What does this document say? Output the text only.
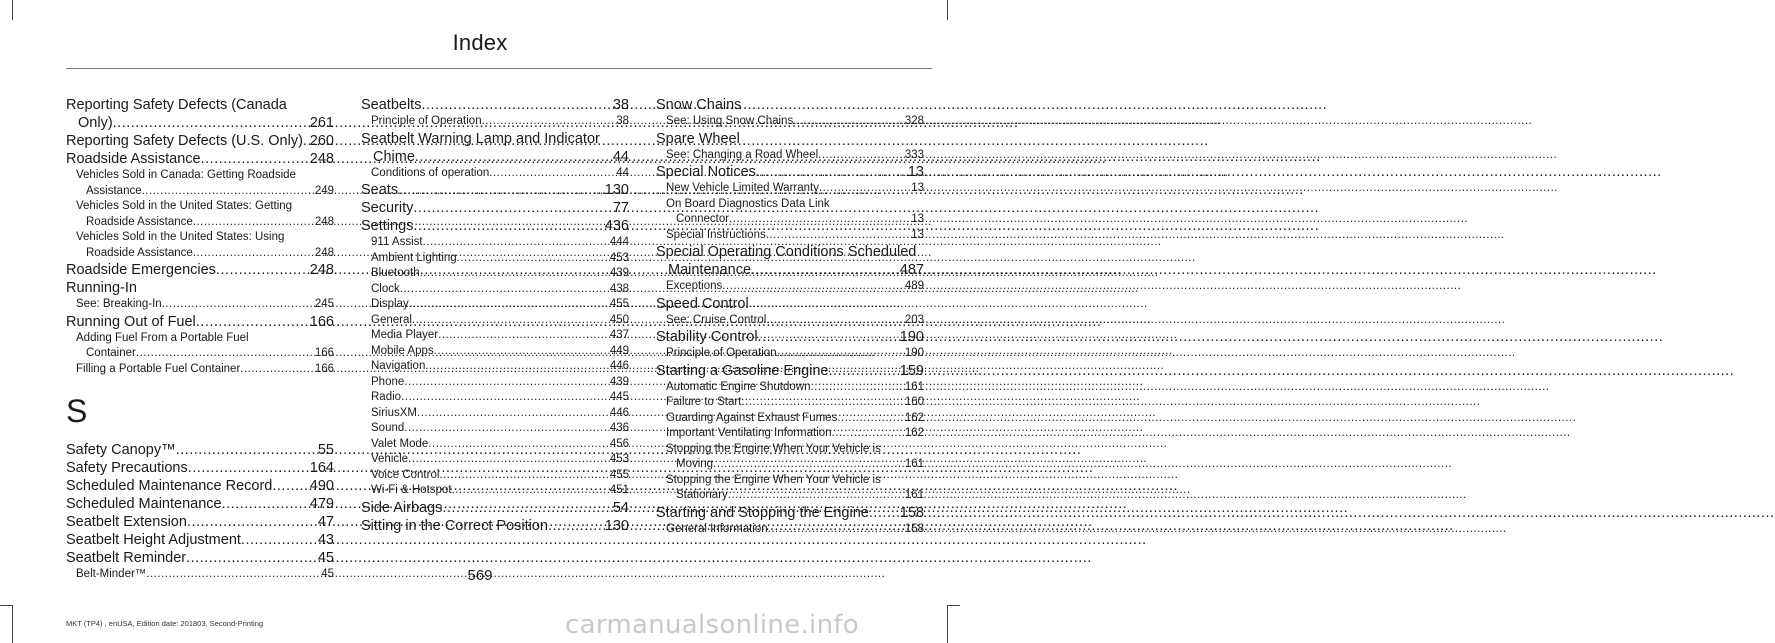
Index
Reporting Safety Defects (Canada
Only) .....	261
Reporting Safety Defects (U.S. Only) ..... 260
Roadside Assistance .....	248
Vehicles Sold in Canada: Getting Roadside
Assistance .....	249
Vehicles Sold in the United States: Getting
Roadside Assistance .....	248
Vehicles Sold in the United States: Using
Roadside Assistance .....	248
Roadside Emergencies .....	248
Running-In
See: Breaking-In .....	245
Running Out of Fuel .....	166
Adding Fuel From a Portable Fuel
Container .....	166
Filling a Portable Fuel Container .....	166
S
Safety Canopy™ .....	55
Safety Precautions .....	164
Scheduled Maintenance Record .....	490
Scheduled Maintenance .....	479
Seatbelt Extension .....	47
Seatbelt Height Adjustment .....	43
Seatbelt Reminder .....	45
Belt-Minder™ .....	45
Seatbelts .....	38
Principle of Operation .....	38
Seatbelt Warning Lamp and Indicator
Chime .....	44
Conditions of operation .....	44
Seats .....	130
Security .....	77
Settings .....	436
911 Assist .....	444
Ambient Lighting .....	453
Bluetooth .....	439
Clock .....	438
Display .....	455
General .....	450
Media Player .....	437
Mobile Apps .....	449
Navigation .....	446
Phone .....	439
Radio .....	445
SiriusXM .....	446
Sound .....	436
Valet Mode .....	456
Vehicle .....	453
Voice Control .....	455
Wi-Fi & Hotspot .....	451
Side Airbags .....	54
Sitting in the Correct Position .....	130
Snow Chains
See: Using Snow Chains .....	328
Spare Wheel
See: Changing a Road Wheel .....	333
Special Notices .....	13
New Vehicle Limited Warranty .....	13
On Board Diagnostics Data Link
Connector .....	13
Special Instructions .....	13
Special Operating Conditions Scheduled
Maintenance .....	487
Exceptions .....	489
Speed Control
See: Cruise Control .....	203
Stability Control .....	190
Principle of Operation .....	190
Starting a Gasoline Engine .....	159
Automatic Engine Shutdown .....	161
Failure to Start .....	160
Guarding Against Exhaust Fumes .....	162
Important Ventilating Information .....	162
Stopping the Engine When Your Vehicle is
Moving .....	161
Stopping the Engine When Your Vehicle is
Stationary .....	161
Starting and Stopping the Engine ..... 158
General Information .....	158
569
MKT (TP4) , enUSA, Edition date: 201803, Second-Printing	carmanualsonline.info
